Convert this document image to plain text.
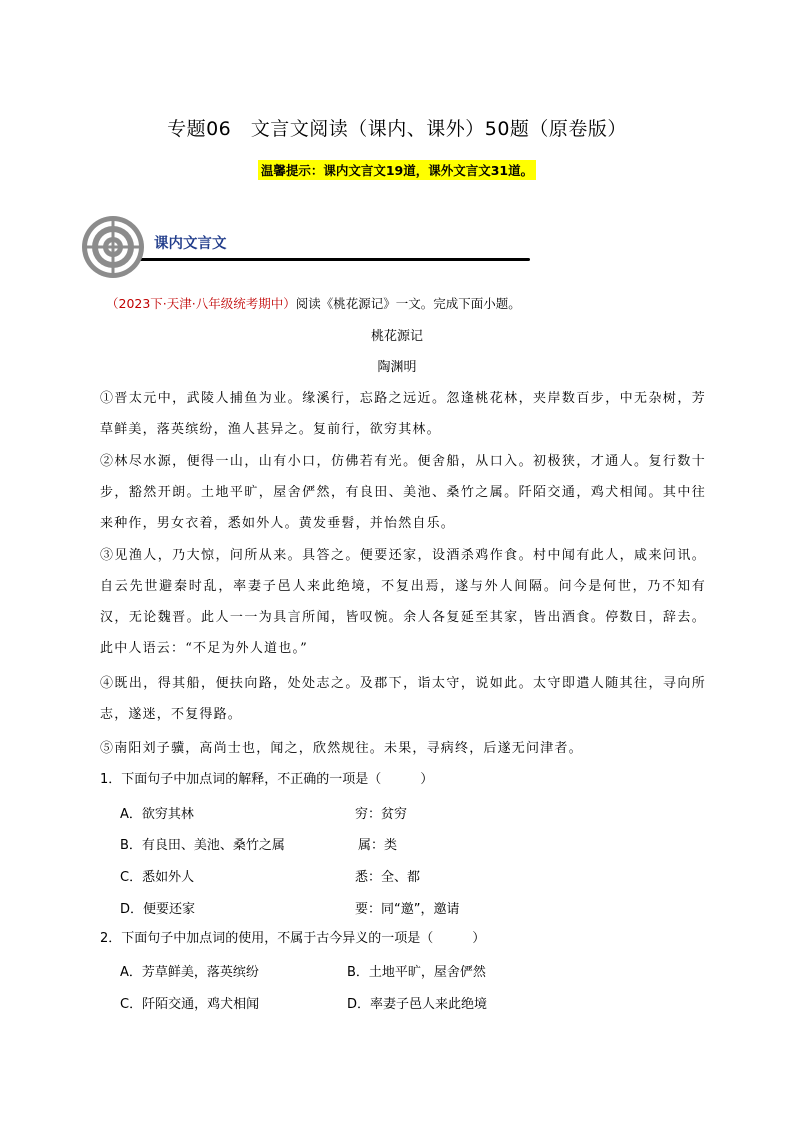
专题06　文言文阅读（课内、课外）50题（原卷版）
温馨提示：课内文言文19道，课外文言文31道。
课内文言文
（2023下·天津·八年级统考期中）阅读《桃花源记》一文。完成下面小题。
桃花源记
陶渊明

①晋太元中，武陵人捕鱼为业。缘溪行，忘路之远近。忽逢桃花林，夹岸数百步，中无杂树，芳草鲜美，落英缤纷，渔人甚异之。复前行，欲穷其林。

②林尽水源，便得一山，山有小口，仿佛若有光。便舍船，从口入。初极狭，才通人。复行数十步，豁然开朗。土地平旷，屋舍俨然，有良田、美池、桑竹之属。阡陌交通，鸡犬相闻。其中往来种作，男女衣着，悉如外人。黄发垂髫，并怡然自乐。

③见渔人，乃大惊，问所从来。具答之。便要还家，设酒杀鸡作食。村中闻有此人，咸来问讯。自云先世避秦时乱，率妻子邑人来此绝境，不复出焉，遂与外人间隔。问今是何世，乃不知有汉，无论魏晋。此人一一为具言所闻，皆叹惋。余人各复延至其家，皆出酒食。停数日，辞去。此中人语云：“不足为外人道也。”

④既出，得其船，便扶向路，处处志之。及郡下，诣太守，说如此。太守即遣人随其往，寻向所志，遂迷，不复得路。

⑤南阳刘子骥，高尚士也，闻之，欣然规往。未果，寻病终，后遂无问津者。

1．下面句子中加点词的解释，不正确的一项是（　　　）
A．欲穷其林	穷：贫穷
B．有良田、美池、桑竹之属	属：类
C．悉如外人	悉：全、都
D．便要还家	要：同“邀”，邀请
2．下面句子中加点词的使用，不属于古今异义的一项是（　　　）
A．芳草鲜美，落英缤纷	B．土地平旷，屋舍俨然
C．阡陌交通，鸡犬相闻	D．率妻子邑人来此绝境
